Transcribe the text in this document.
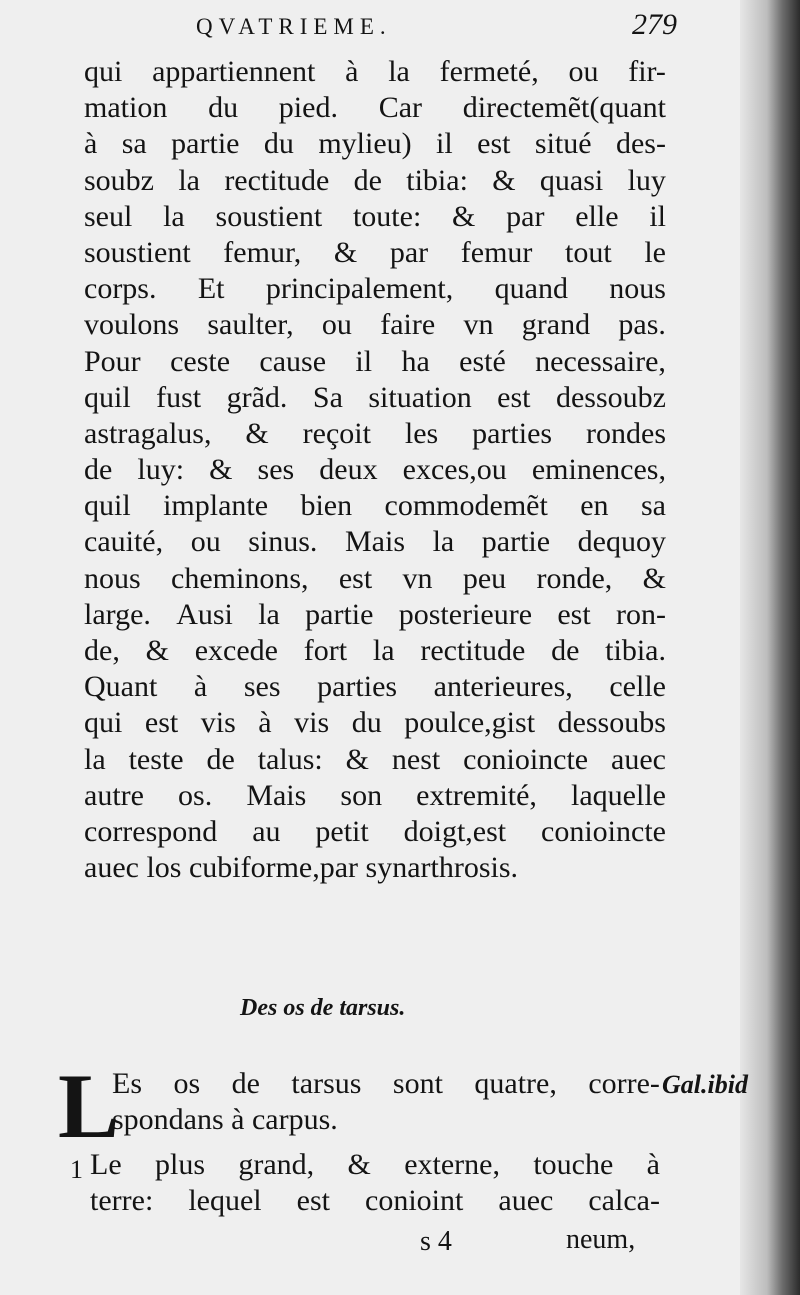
QVATRIEME.	279
qui appartiennent à la fermeté, ou fir-
mation du pied. Car directemẽt(quant
à sa partie du mylieu) il est situé des-
soubz la rectitude de tibia: & quasi luy
seul la soustient toute: & par elle il
soustient femur, & par femur tout le
corps. Et principalement, quand nous
voulons saulter, ou faire vn grand pas.
Pour ceste cause il ha esté necessaire,
quil fust grãd. Sa situation est dessoubz
astragalus, & reçoit les parties rondes
de luy: & ses deux exces,ou eminences,
quil implante bien commodemẽt en sa
cauité, ou sinus. Mais la partie dequoy
nous cheminons, est vn peu ronde, &
large. Ausi la partie posterieure est ron-
de, & excede fort la rectitude de tibia.
Quant à ses parties anterieures, celle
qui est vis à vis du poulce,gist dessoubs
la teste de talus: & nest conioincte auec
autre os. Mais son extremité, laquelle
correspond au petit doigt,est conioincte
auec los cubiforme,par synarthrosis.
Des os de tarsus.
L
Es os de tarsus sont quatre, corre-
spondans à carpus.
1 Le plus grand, & externe, touche à
terre: lequel est conioint auec calca-
Gal.ibid
s 4	neum,
